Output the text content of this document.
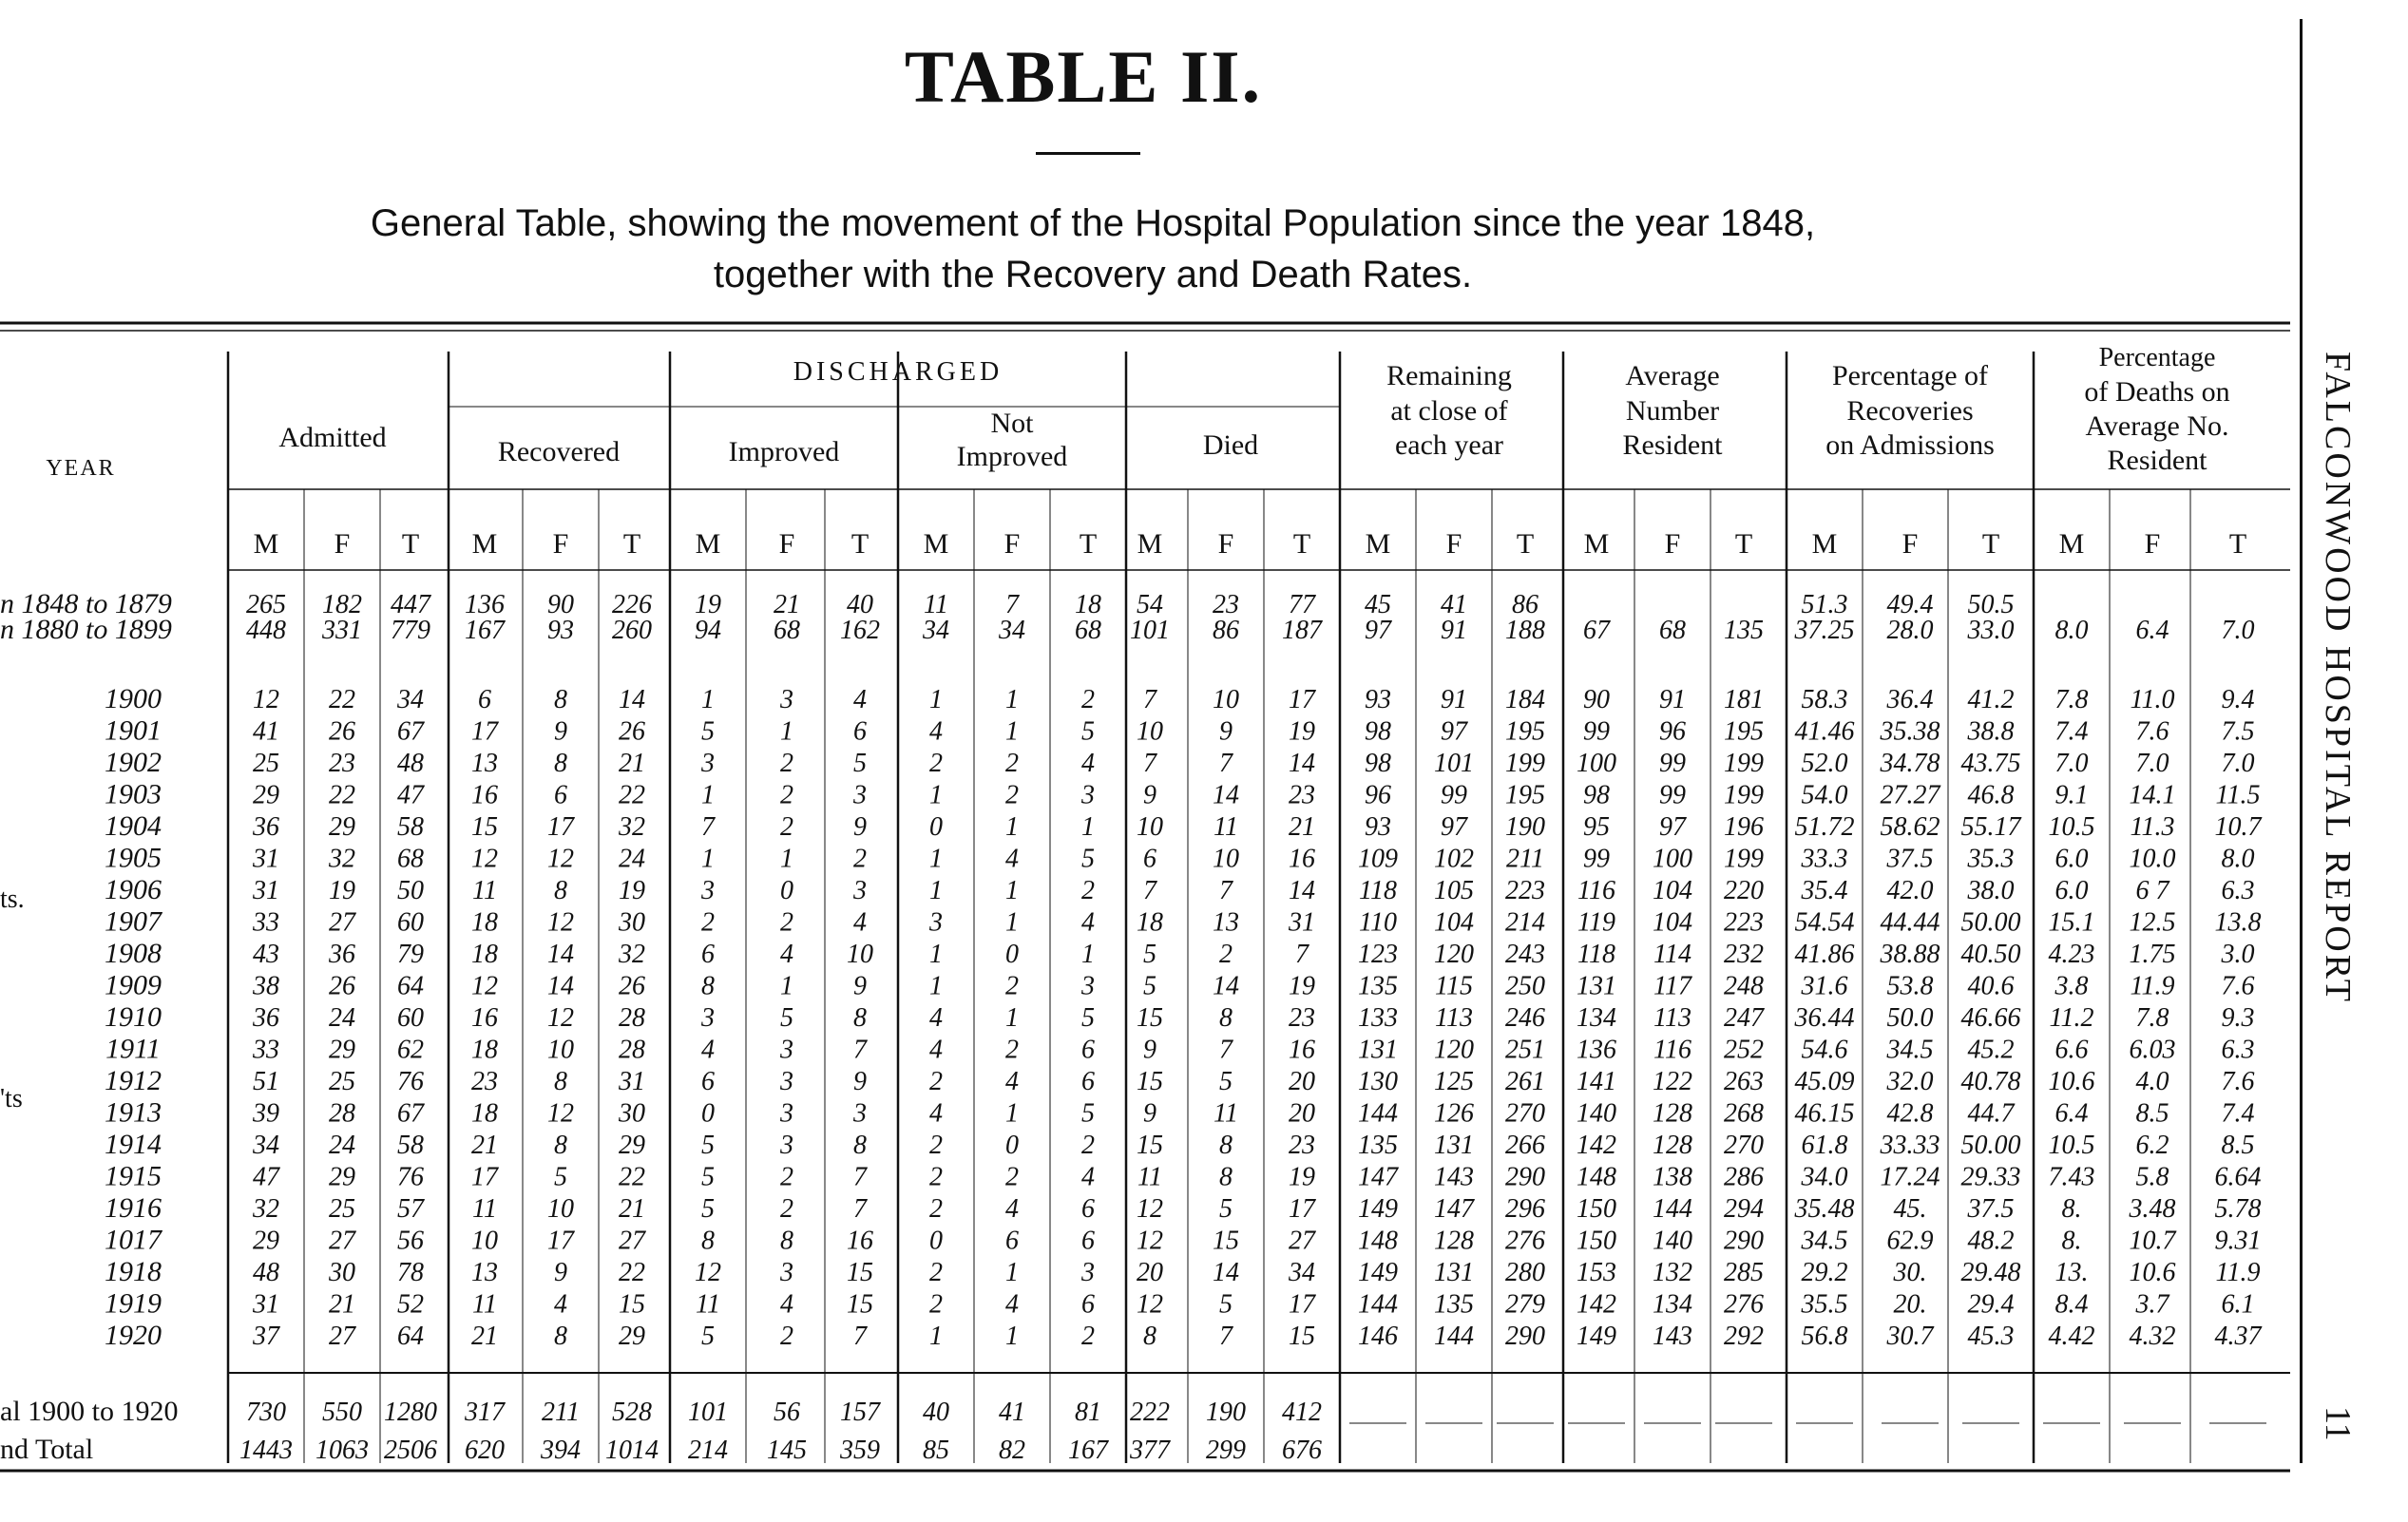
TABLE II.
General Table, showing the movement of the Hospital Population since the year 1848,
together with the Recovery and Death Rates.
YEAR
Admitted
DISCHARGED
Recovered	Improved
Not
Improved	Died
Remaining
at close of
each year
Average
Number
Resident
Percentage of
Recoveries
on Admissions
Percentage
of Deaths on
Average No.
Resident
M F T M F T M F T M F T M F T M F T M F T M F T M F T
n 1848 to 1879	265 182 447 136 90 226 19 21 40 11 7 18 54 23 77 45 41 86	51.3 49.4 50.5
n 1880 to 1899	448 331 779 167 93 260 94 68 162 34 34 68 101 86 187 97 91 188 67 68 135 37.25 28.0 33.0 8.0 6.4 7.0
1900	12 22 34 6 8 14 1 3 4 1 1 2 7 10 17 93 91 184 90 91 181 58.3 36.4 41.2 7.8 11.0 9.4
1901	41 26 67 17 9 26 5 1 6 4 1 5 10 9 19 98 97 195 99 96 195 41.46 35.38 38.8 7.4 7.6 7.5
1902	25 23 48 13 8 21 3 2 5 2 2 4 7 7 14 98 101 199 100 99 199 52.0 34.78 43.75 7.0 7.0 7.0
1903	29 22 47 16 6 22 1 2 3 1 2 3 9 14 23 96 99 195 98 99 199 54.0 27.27 46.8 9.1 14.1 11.5
1904	36 29 58 15 17 32 7 2 9 0 1 1 10 11 21 93 97 190 95 97 196 51.72 58.62 55.17 10.5 11.3 10.7
1905	31 32 68 12 12 24 1 1 2 1 4 5 6 10 16 109 102 211 99 100 199 33.3 37.5 35.3 6.0 10.0 8.0
1906	31 19 50 11 8 19 3 0 3 1 1 2 7 7 14 118 105 223 116 104 220 35.4 42.0 38.0 6.0 6 7 6.3
1907	33 27 60 18 12 30 2 2 4 3 1 4 18 13 31 110 104 214 119 104 223 54.54 44.44 50.00 15.1 12.5 13.8
1908	43 36 79 18 14 32 6 4 10 1 0 1 5 2 7 123 120 243 118 114 232 41.86 38.88 40.50 4.23 1.75 3.0
1909	38 26 64 12 14 26 8 1 9 1 2 3 5 14 19 135 115 250 131 117 248 31.6 53.8 40.6 3.8 11.9 7.6
1910	36 24 60 16 12 28 3 5 8 4 1 5 15 8 23 133 113 246 134 113 247 36.44 50.0 46.66 11.2 7.8 9.3
1911	33 29 62 18 10 28 4 3 7 4 2 6 9 7 16 131 120 251 136 116 252 54.6 34.5 45.2 6.6 6.03 6.3
1912	51 25 76 23 8 31 6 3 9 2 4 6 15 5 20 130 125 261 141 122 263 45.09 32.0 40.78 10.6 4.0 7.6
1913	39 28 67 18 12 30 0 3 3 4 1 5 9 11 20 144 126 270 140 128 268 46.15 42.8 44.7 6.4 8.5 7.4
1914	34 24 58 21 8 29 5 3 8 2 0 2 15 8 23 135 131 266 142 128 270 61.8 33.33 50.00 10.5 6.2 8.5
1915	47 29 76 17 5 22 5 2 7 2 2 4 11 8 19 147 143 290 148 138 286 34.0 17.24 29.33 7.43 5.8 6.64
1916	32 25 57 11 10 21 5 2 7 2 4 6 12 5 17 149 147 296 150 144 294 35.48 45. 37.5 8. 3.48 5.78
1017	29 27 56 10 17 27 8 8 16 0 6 6 12 15 27 148 128 276 150 140 290 34.5 62.9 48.2 8. 10.7 9.31
1918	48 30 78 13 9 22 12 3 15 2 1 3 20 14 34 149 131 280 153 132 285 29.2 30. 29.48 13. 10.6 11.9
1919	31 21 52 11 4 15 11 4 15 2 4 6 12 5 17 144 135 279 142 134 276 35.5 20. 29.4 8.4 3.7 6.1
1920	37 27 64 21 8 29 5 2 7 1 1 2 8 7 15 146 144 290 149 143 292 56.8 30.7 45.3 4.42 4.32 4.37
ts.
'ts
al 1900 to 1920	730 550 1280 317 211 528 101 56 157 40 41 81 222 190 412
nd Total	1443 1063 2506 620 394 1014 214 145 359 85 82 167 377 299 676
FALCONWOOD HOSPITAL REPORT
11
